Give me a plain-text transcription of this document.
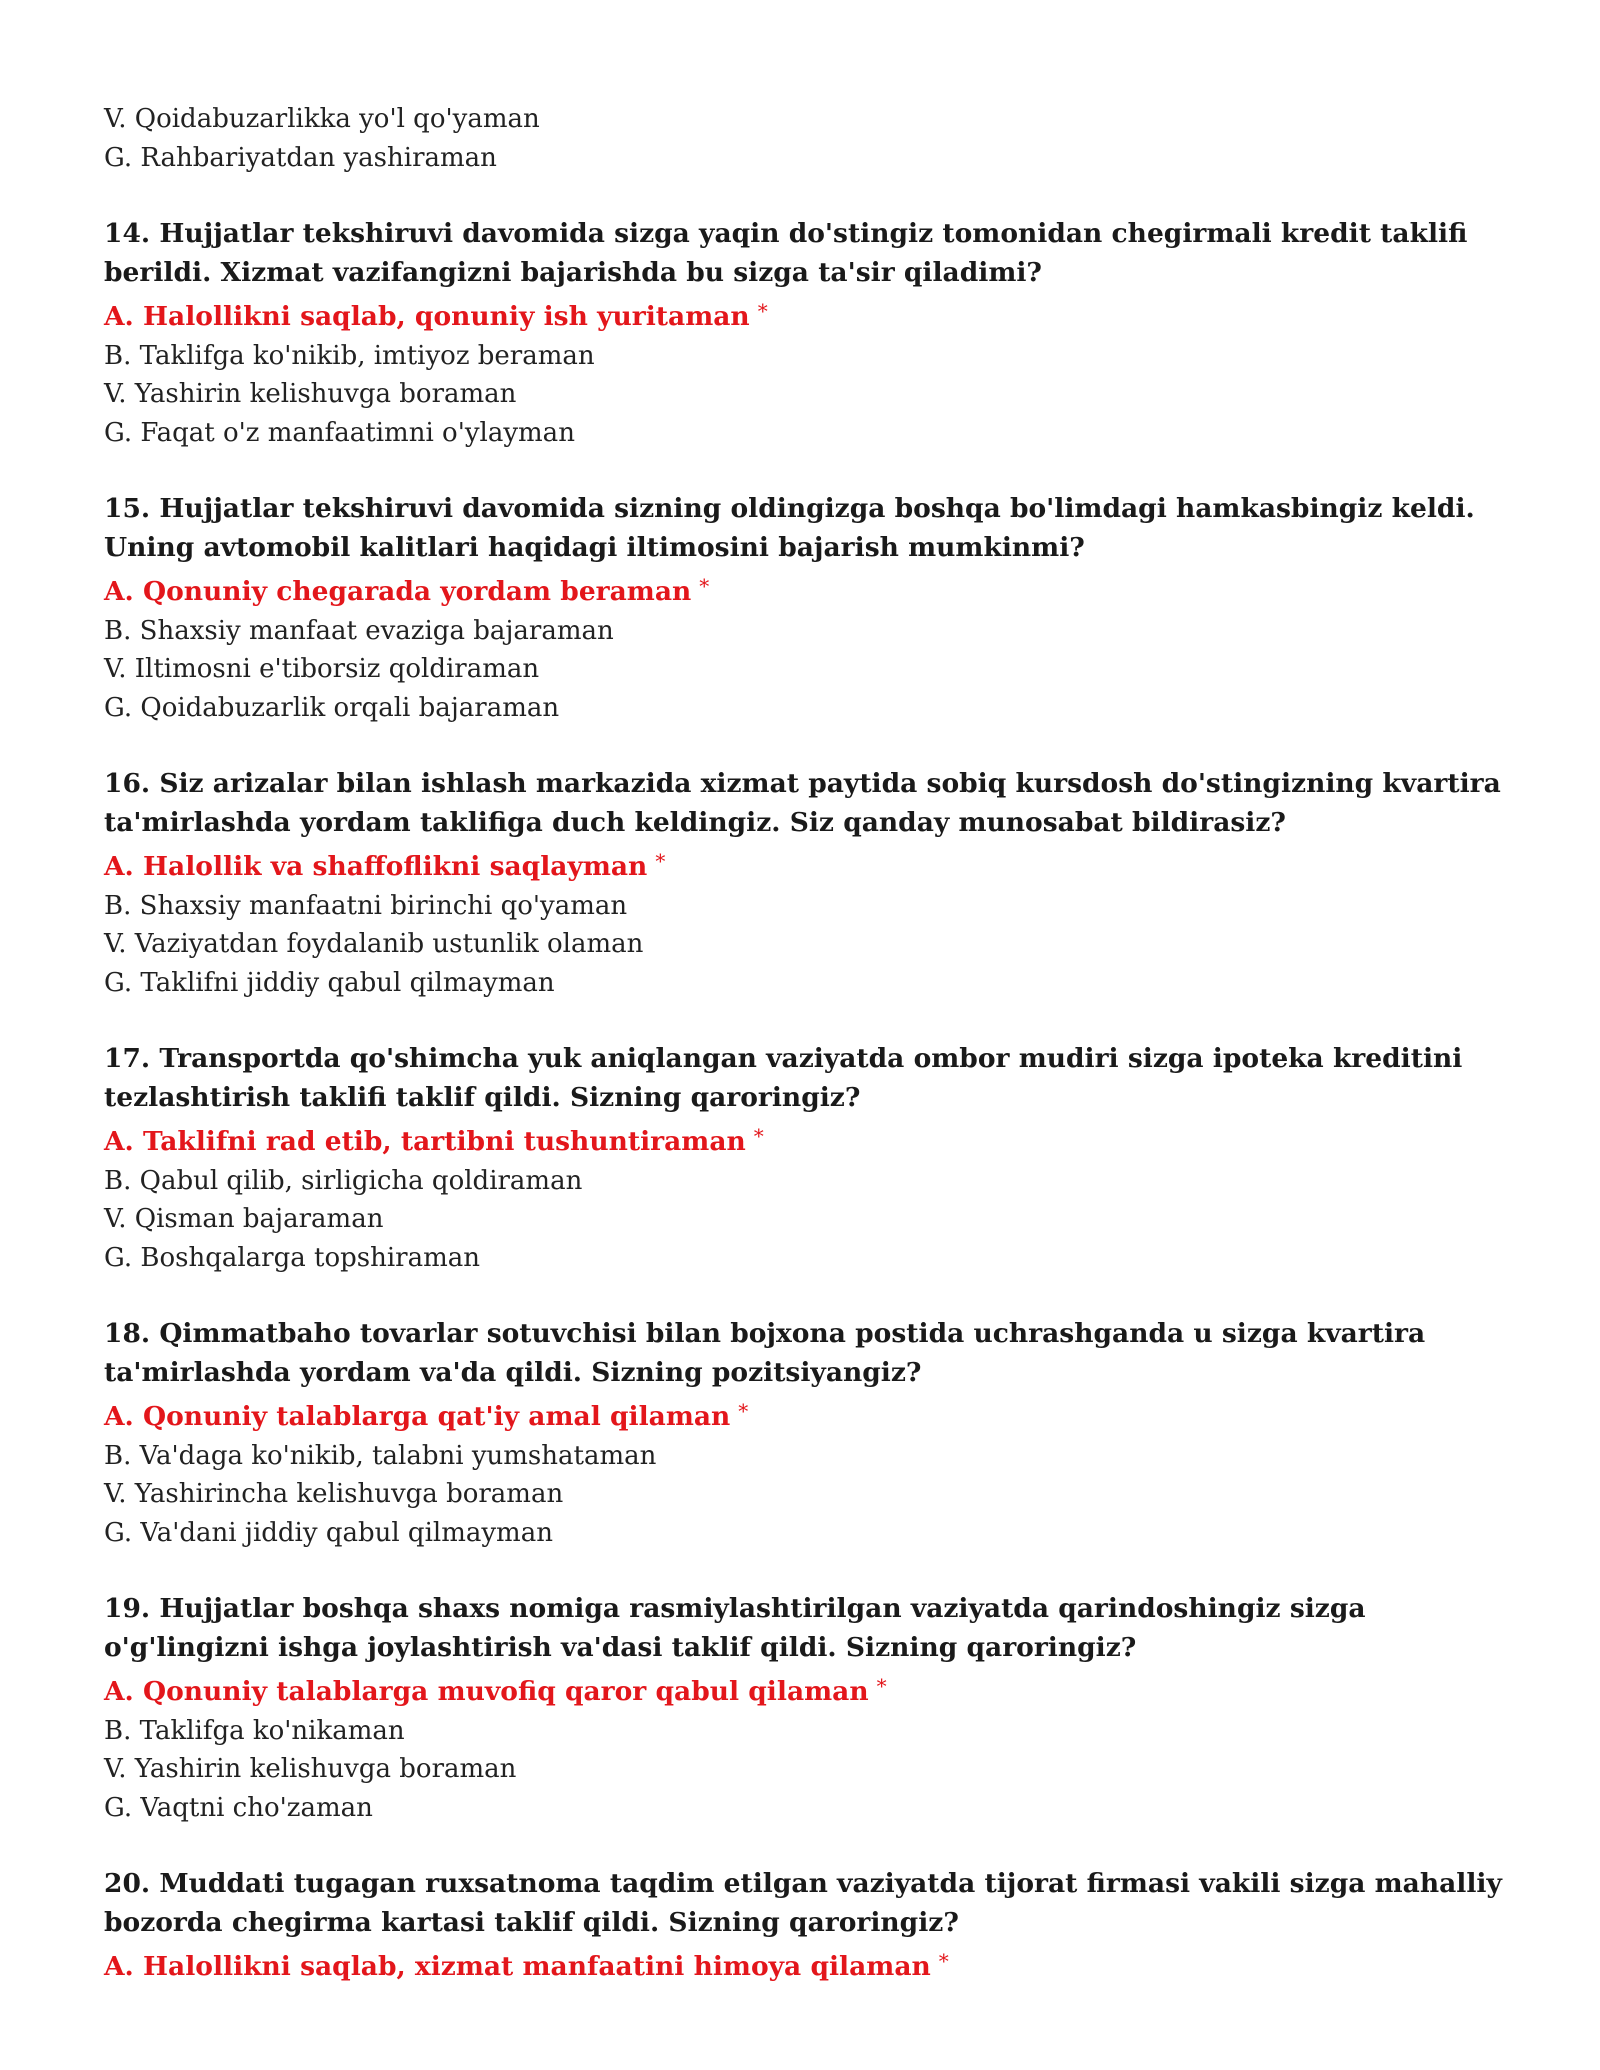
V. Qoidabuzarlikka yo'l qo'yaman
G. Rahbariyatdan yashiraman
14. Hujjatlar tekshiruvi davomida sizga yaqin do'stingiz tomonidan chegirmali kredit taklifi berildi. Xizmat vazifangizni bajarishda bu sizga ta'sir qiladimi?
A. Halollikni saqlab, qonuniy ish yuritaman *
B. Taklifga ko'nikib, imtiyoz beraman
V. Yashirin kelishuvga boraman
G. Faqat o'z manfaatimni o'ylayman
15. Hujjatlar tekshiruvi davomida sizning oldingizga boshqa bo'limdagi hamkasbingiz keldi. Uning avtomobil kalitlari haqidagi iltimosini bajarish mumkinmi?
A. Qonuniy chegarada yordam beraman *
B. Shaxsiy manfaat evaziga bajaraman
V. Iltimosni e'tiborsiz qoldiraman
G. Qoidabuzarlik orqali bajaraman
16. Siz arizalar bilan ishlash markazida xizmat paytida sobiq kursdosh do'stingizning kvartira ta'mirlashda yordam taklifiga duch keldingiz. Siz qanday munosabat bildirasiz?
A. Halollik va shaffoflikni saqlayman *
B. Shaxsiy manfaatni birinchi qo'yaman
V. Vaziyatdan foydalanib ustunlik olaman
G. Taklifni jiddiy qabul qilmayman
17. Transportda qo'shimcha yuk aniqlangan vaziyatda ombor mudiri sizga ipoteka kreditini tezlashtirish taklifi taklif qildi. Sizning qaroringiz?
A. Taklifni rad etib, tartibni tushuntiraman *
B. Qabul qilib, sirligicha qoldiraman
V. Qisman bajaraman
G. Boshqalarga topshiraman
18. Qimmatbaho tovarlar sotuvchisi bilan bojxona postida uchrashganda u sizga kvartira ta'mirlashda yordam va'da qildi. Sizning pozitsiyangiz?
A. Qonuniy talablarga qat'iy amal qilaman *
B. Va'daga ko'nikib, talabni yumshataman
V. Yashirincha kelishuvga boraman
G. Va'dani jiddiy qabul qilmayman
19. Hujjatlar boshqa shaxs nomiga rasmiylashtirilgan vaziyatda qarindoshingiz sizga o'g'lingizni ishga joylashtirish va'dasi taklif qildi. Sizning qaroringiz?
A. Qonuniy talablarga muvofiq qaror qabul qilaman *
B. Taklifga ko'nikaman
V. Yashirin kelishuvga boraman
G. Vaqtni cho'zaman
20. Muddati tugagan ruxsatnoma taqdim etilgan vaziyatda tijorat firmasi vakili sizga mahalliy bozorda chegirma kartasi taklif qildi. Sizning qaroringiz?
A. Halollikni saqlab, xizmat manfaatini himoya qilaman *
